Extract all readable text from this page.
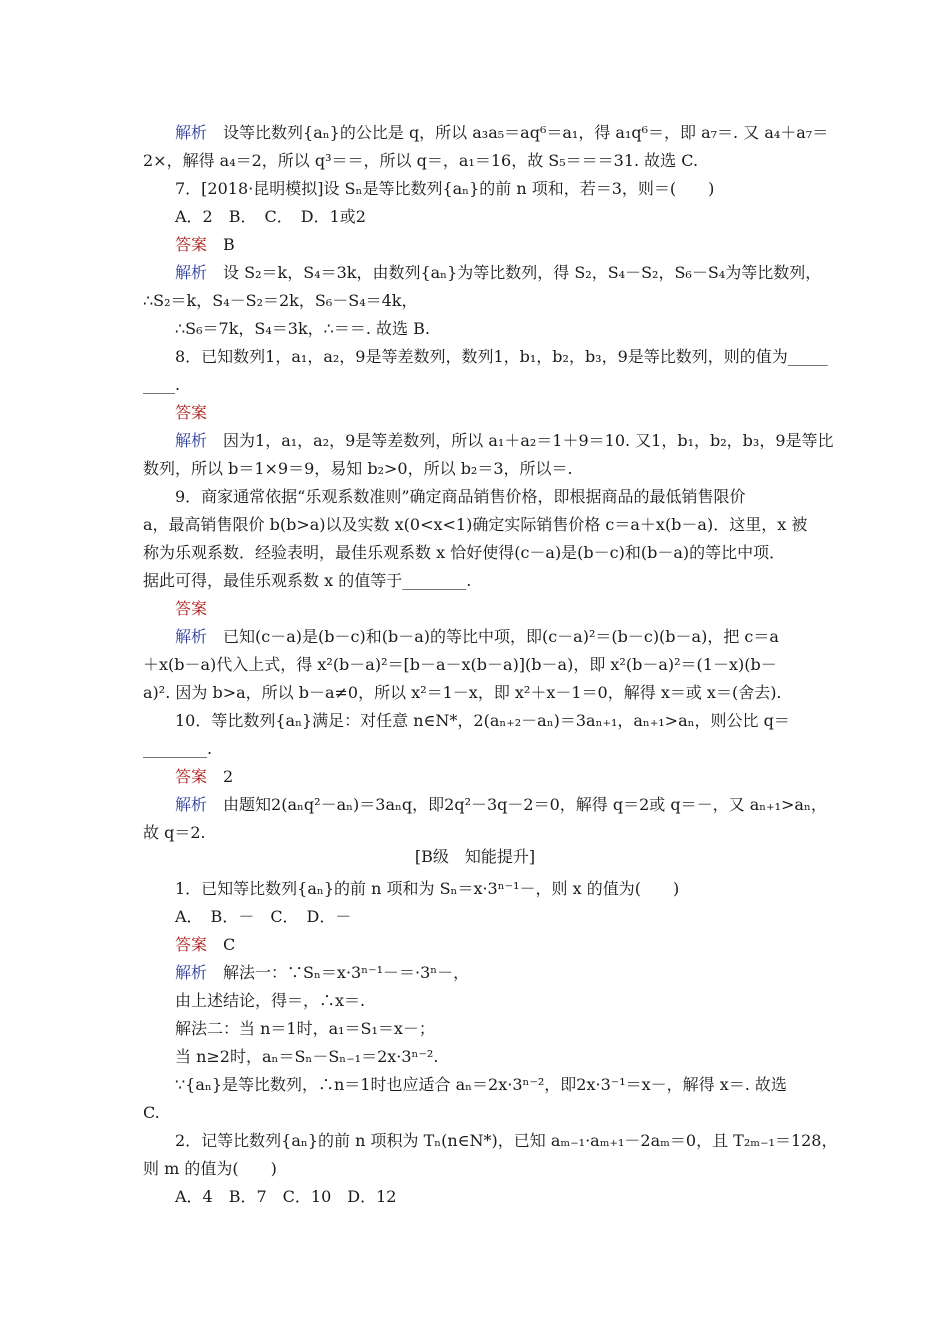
解析　 设等比数列{aₙ}的公比是 q，所以 a₃a₅＝aq⁶＝a₁，得 a₁q⁶＝，即 a₇＝. 又 a₄＋a₇＝
2×，解得 a₄＝2，所以 q³＝＝，所以 q＝，a₁＝16，故 S₅＝＝＝31. 故选 C.
7．[2018·昆明模拟]设 Sₙ是等比数列{aₙ}的前 n 项和，若＝3，则＝(　　)
A．2　B．　C．　D．1或2
答案　 B
解析　 设 S₂＝k，S₄＝3k，由数列{aₙ}为等比数列，得 S₂，S₄－S₂，S₆－S₄为等比数列，
∴S₂＝k，S₄－S₂＝2k，S₆－S₄＝4k，
∴S₆＝7k，S₄＝3k，∴＝＝. 故选 B.
8．已知数列1，a₁，a₂，9是等差数列，数列1，b₁，b₂，b₃，9是等比数列，则的值为_____
____.
答案　
解析　 因为1，a₁，a₂，9是等差数列，所以 a₁＋a₂＝1＋9＝10. 又1，b₁，b₂，b₃，9是等比
数列，所以 b＝1×9＝9，易知 b₂>0，所以 b₂＝3，所以＝.
9．商家通常依据“乐观系数准则”确定商品销售价格，即根据商品的最低销售限价
a，最高销售限价 b(b>a)以及实数 x(0<x<1)确定实际销售价格 c＝a＋x(b－a)．这里，x 被
称为乐观系数．经验表明，最佳乐观系数 x 恰好使得(c－a)是(b－c)和(b－a)的等比中项．
据此可得，最佳乐观系数 x 的值等于________.
答案　
解析　 已知(c－a)是(b－c)和(b－a)的等比中项，即(c－a)²＝(b－c)(b－a)，把 c＝a
＋x(b－a)代入上式，得 x²(b－a)²＝[b－a－x(b－a)](b－a)，即 x²(b－a)²＝(1－x)(b－
a)². 因为 b>a，所以 b－a≠0，所以 x²＝1－x，即 x²＋x－1＝0，解得 x＝或 x＝(舍去).
10．等比数列{aₙ}满足：对任意 n∈N*，2(aₙ₊₂－aₙ)＝3aₙ₊₁，aₙ₊₁>aₙ，则公比 q＝
________.
答案　 2
解析　 由题知2(aₙq²－aₙ)＝3aₙq，即2q²－3q－2＝0，解得 q＝2或 q＝－，又 aₙ₊₁>aₙ，
故 q＝2.
1．已知等比数列{aₙ}的前 n 项和为 Sₙ＝x·3ⁿ⁻¹－，则 x 的值为(　　)
A．　B．－　C．　D．－
答案　 C
解析　 解法一：∵Sₙ＝x·3ⁿ⁻¹－＝·3ⁿ－，
由上述结论，得＝，∴x＝.
解法二：当 n＝1时，a₁＝S₁＝x－；
当 n≥2时，aₙ＝Sₙ－Sₙ₋₁＝2x·3ⁿ⁻².
∵{aₙ}是等比数列，∴n＝1时也应适合 aₙ＝2x·3ⁿ⁻²，即2x·3⁻¹＝x－，解得 x＝. 故选
C.
2．记等比数列{aₙ}的前 n 项积为 Tₙ(n∈N*)，已知 aₘ₋₁·aₘ₊₁－2aₘ＝0，且 T₂ₘ₋₁＝128，
则 m 的值为(　　)
A．4　B．7　C．10　D．12
[B级　知能提升]
